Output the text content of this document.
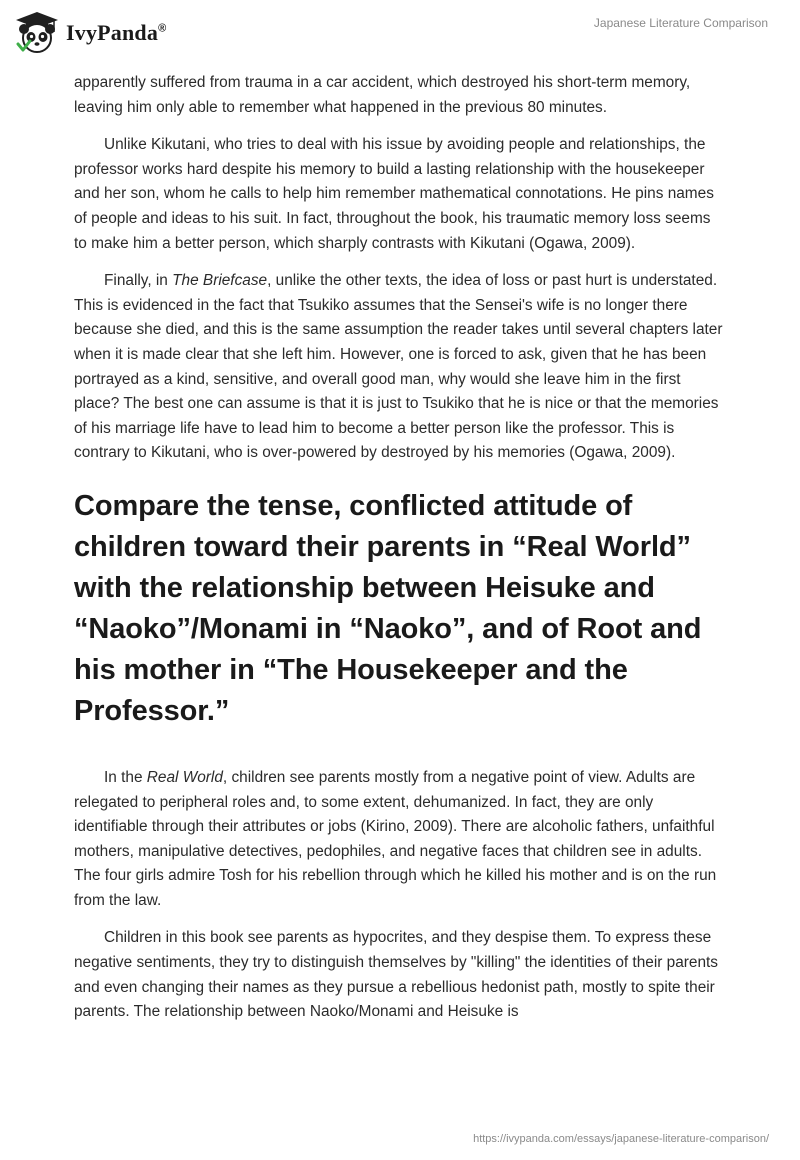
IvyPanda®	Japanese Literature Comparison

apparently suffered from trauma in a car accident, which destroyed his short-term memory, leaving him only able to remember what happened in the previous 80 minutes.

Unlike Kikutani, who tries to deal with his issue by avoiding people and relationships, the professor works hard despite his memory to build a lasting relationship with the housekeeper and her son, whom he calls to help him remember mathematical connotations. He pins names of people and ideas to his suit. In fact, throughout the book, his traumatic memory loss seems to make him a better person, which sharply contrasts with Kikutani (Ogawa, 2009).

Finally, in The Briefcase, unlike the other texts, the idea of loss or past hurt is understated. This is evidenced in the fact that Tsukiko assumes that the Sensei's wife is no longer there because she died, and this is the same assumption the reader takes until several chapters later when it is made clear that she left him. However, one is forced to ask, given that he has been portrayed as a kind, sensitive, and overall good man, why would she leave him in the first place? The best one can assume is that it is just to Tsukiko that he is nice or that the memories of his marriage life have to lead him to become a better person like the professor. This is contrary to Kikutani, who is over-powered by destroyed by his memories (Ogawa, 2009).

Compare the tense, conflicted attitude of children toward their parents in “Real World” with the relationship between Heisuke and “Naoko”/Monami in “Naoko”, and of Root and his mother in “The Housekeeper and the Professor.”

In the Real World, children see parents mostly from a negative point of view. Adults are relegated to peripheral roles and, to some extent, dehumanized. In fact, they are only identifiable through their attributes or jobs (Kirino, 2009). There are alcoholic fathers, unfaithful mothers, manipulative detectives, pedophiles, and negative faces that children see in adults. The four girls admire Tosh for his rebellion through which he killed his mother and is on the run from the law.

Children in this book see parents as hypocrites, and they despise them. To express these negative sentiments, they try to distinguish themselves by "killing" the identities of their parents and even changing their names as they pursue a rebellious hedonist path, mostly to spite their parents. The relationship between Naoko/Monami and Heisuke is

https://ivypanda.com/essays/japanese-literature-comparison/
